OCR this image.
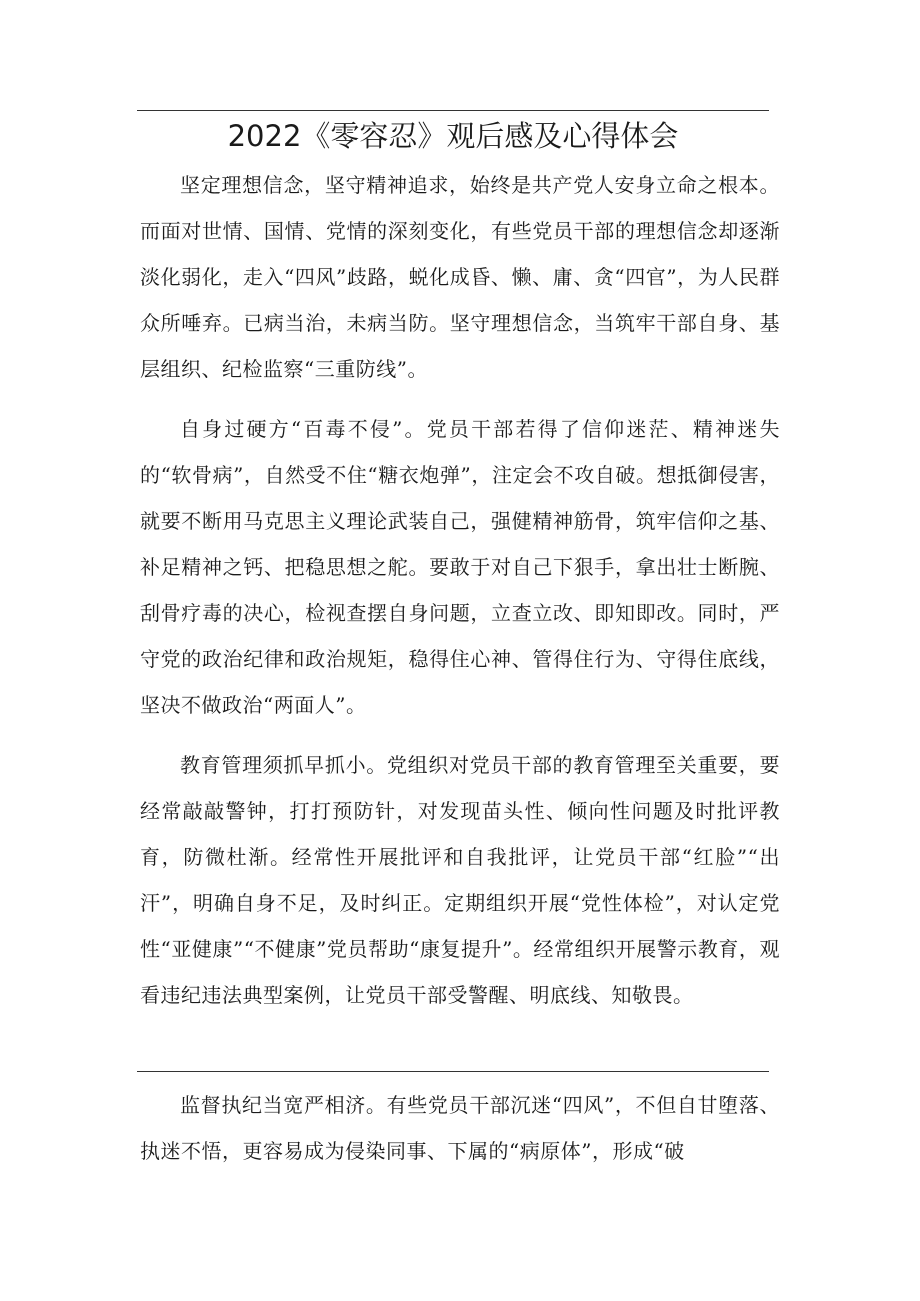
2022《零容忍》观后感及心得体会

坚定理想信念，坚守精神追求，始终是共产党人安身立命之根本。而面对世情、国情、党情的深刻变化，有些党员干部的理想信念却逐渐淡化弱化，走入“四风”歧路，蜕化成昏、懒、庸、贪“四官”，为人民群众所唾弃。已病当治，未病当防。坚守理想信念，当筑牢干部自身、基层组织、纪检监察“三重防线”。

自身过硬方“百毒不侵”。党员干部若得了信仰迷茫、精神迷失的“软骨病”，自然受不住“糖衣炮弹”，注定会不攻自破。想抵御侵害，就要不断用马克思主义理论武装自己，强健精神筋骨，筑牢信仰之基、补足精神之钙、把稳思想之舵。要敢于对自己下狠手，拿出壮士断腕、刮骨疗毒的决心，检视查摆自身问题，立查立改、即知即改。同时，严守党的政治纪律和政治规矩，稳得住心神、管得住行为、守得住底线，坚决不做政治“两面人”。

教育管理须抓早抓小。党组织对党员干部的教育管理至关重要，要经常敲敲警钟，打打预防针，对发现苗头性、倾向性问题及时批评教育，防微杜渐。经常性开展批评和自我批评，让党员干部“红脸”“出汗”，明确自身不足，及时纠正。定期组织开展“党性体检”，对认定党性“亚健康”“不健康”党员帮助“康复提升”。经常组织开展警示教育，观看违纪违法典型案例，让党员干部受警醒、明底线、知敬畏。

监督执纪当宽严相济。有些党员干部沉迷“四风”，不但自甘堕落、执迷不悟，更容易成为侵染同事、下属的“病原体”，形成“破
